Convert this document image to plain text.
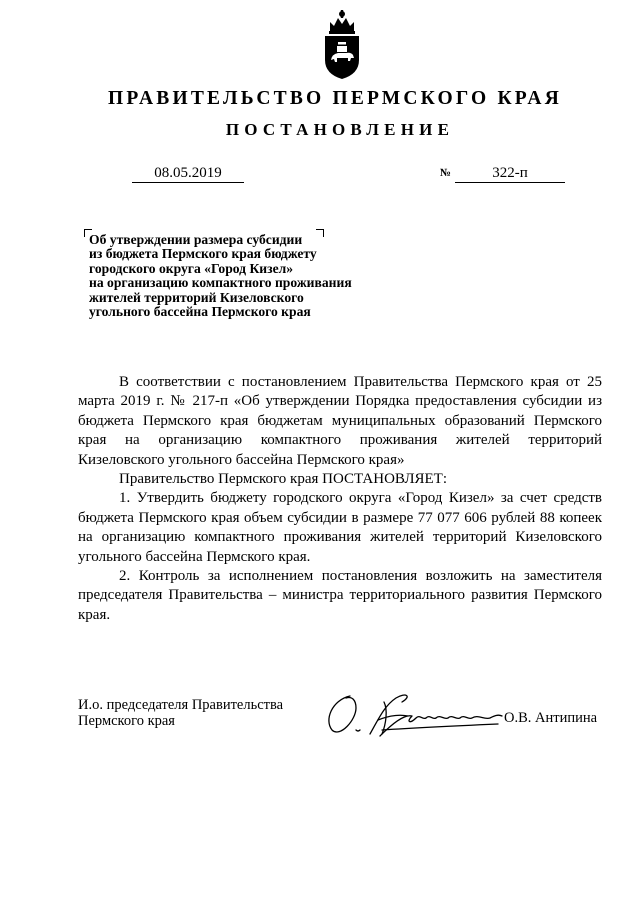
ПРАВИТЕЛЬСТВО ПЕРМСКОГО КРАЯ
ПОСТАНОВЛЕНИЕ
08.05.2019	№	322-п
Об утверждении размера субсидии
из бюджета Пермского края бюджету
городского округа «Город Кизел»
на организацию компактного проживания
жителей территорий Кизеловского
угольного бассейна Пермского края

В соответствии с постановлением Правительства Пермского края от 25 марта 2019 г. № 217-п «Об утверждении Порядка предоставления субсидии из бюджета Пермского края бюджетам муниципальных образований Пермского края на организацию компактного проживания жителей территорий Кизеловского угольного бассейна Пермского края»

Правительство Пермского края ПОСТАНОВЛЯЕТ:

1. Утвердить бюджету городского округа «Город Кизел» за счет средств бюджета Пермского края объем субсидии в размере 77 077 606 рублей 88 копеек на организацию компактного проживания жителей территорий Кизеловского угольного бассейна Пермского края.

2. Контроль за исполнением постановления возложить на заместителя председателя Правительства – министра территориального развития Пермского края.

И.о. председателя Правительства
Пермского края	О.В. Антипина
